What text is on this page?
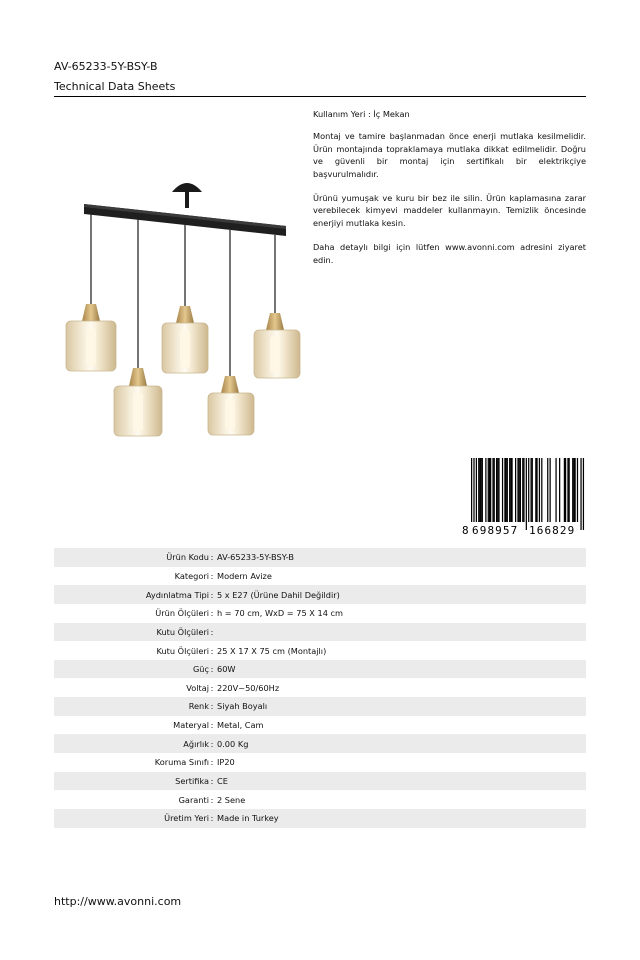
AV-65233-5Y-BSY-B
Technical Data Sheets

Kullanım Yeri : İç Mekan

Montaj ve tamire başlanmadan önce enerji mutlaka kesilmelidir. Ürün montajında topraklamaya mutlaka dikkat edilmelidir. Doğru ve güvenli bir montaj için sertifikalı bir elektrikçiye başvurulmalıdır.

Ürünü yumuşak ve kuru bir bez ile silin. Ürün kaplamasına zarar verebilecek kimyevi maddeler kullanmayın. Temizlik öncesinde enerjiyi mutlaka kesin.

Daha detaylı bilgi için lütfen www.avonni.com adresini ziyaret edin.

8 698957 166829
Ürün Kodu : AV-65233-5Y-BSY-B
Kategori : Modern Avize
Aydınlatma Tipi : 5 x E27 (Ürüne Dahil Değildir)
Ürün Ölçüleri : h = 70 cm, WxD = 75 X 14 cm
Kutu Ölçüleri :
Kutu Ölçüleri : 25 X 17 X 75 cm (Montajlı)
Güç : 60W
Voltaj : 220V~50/60Hz
Renk : Siyah Boyalı
Materyal : Metal, Cam
Ağırlık : 0.00 Kg
Koruma Sınıfı : IP20
Sertifika : CE
Garanti : 2 Sene
Üretim Yeri : Made in Turkey
http://www.avonni.com
